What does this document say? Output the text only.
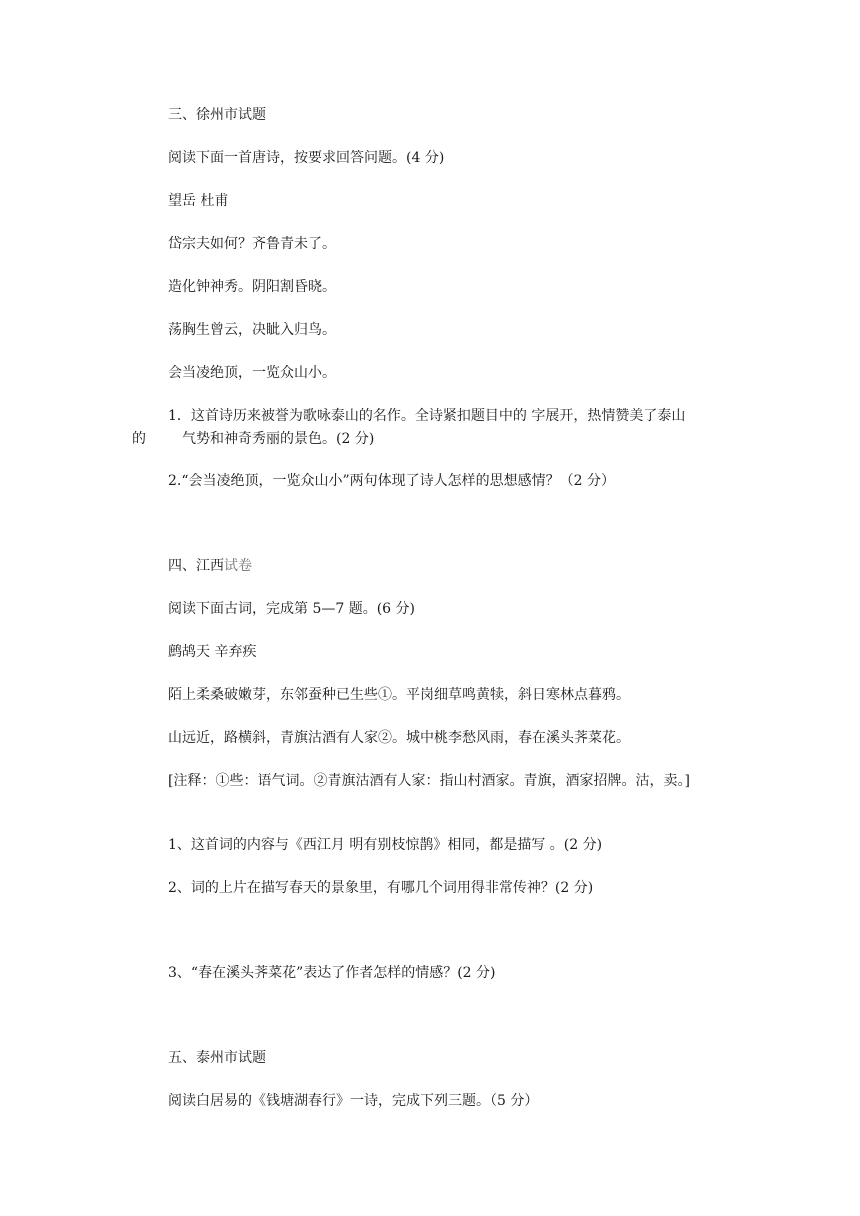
三、徐州市试题

阅读下面一首唐诗，按要求回答问题。(4 分)

望岳 杜甫

岱宗夫如何？齐鲁青未了。

造化钟神秀。阴阳割昏晓。

荡胸生曾云，决眦入归鸟。

会当凌绝顶，一览众山小。

1．这首诗历来被誉为歌咏泰山的名作。全诗紧扣题目中的 字展开，热情赞美了泰山

的	气势和神奇秀丽的景色。(2 分)

2.“会当凌绝顶，一览众山小”两句体现了诗人怎样的思想感情？（2 分）

四、江西试卷

阅读下面古词，完成第 5—7 题。(6 分)

鹧鸪天 辛弃疾

陌上柔桑破嫩芽，东邻蚕种已生些①。平岗细草鸣黄犊，斜日寒林点暮鸦。

山远近，路横斜，青旗沽酒有人家②。城中桃李愁风雨，春在溪头荠菜花。

[注释：①些：语气词。②青旗沽酒有人家：指山村酒家。青旗，酒家招牌。沽，卖。]

1、这首词的内容与《西江月 明有别枝惊鹊》相同，都是描写 。(2 分)

2、词的上片在描写春天的景象里，有哪几个词用得非常传神？(2 分)

3、“春在溪头荠菜花”表达了作者怎样的情感？(2 分)

五、泰州市试题

阅读白居易的《钱塘湖春行》一诗，完成下列三题。（5 分）
